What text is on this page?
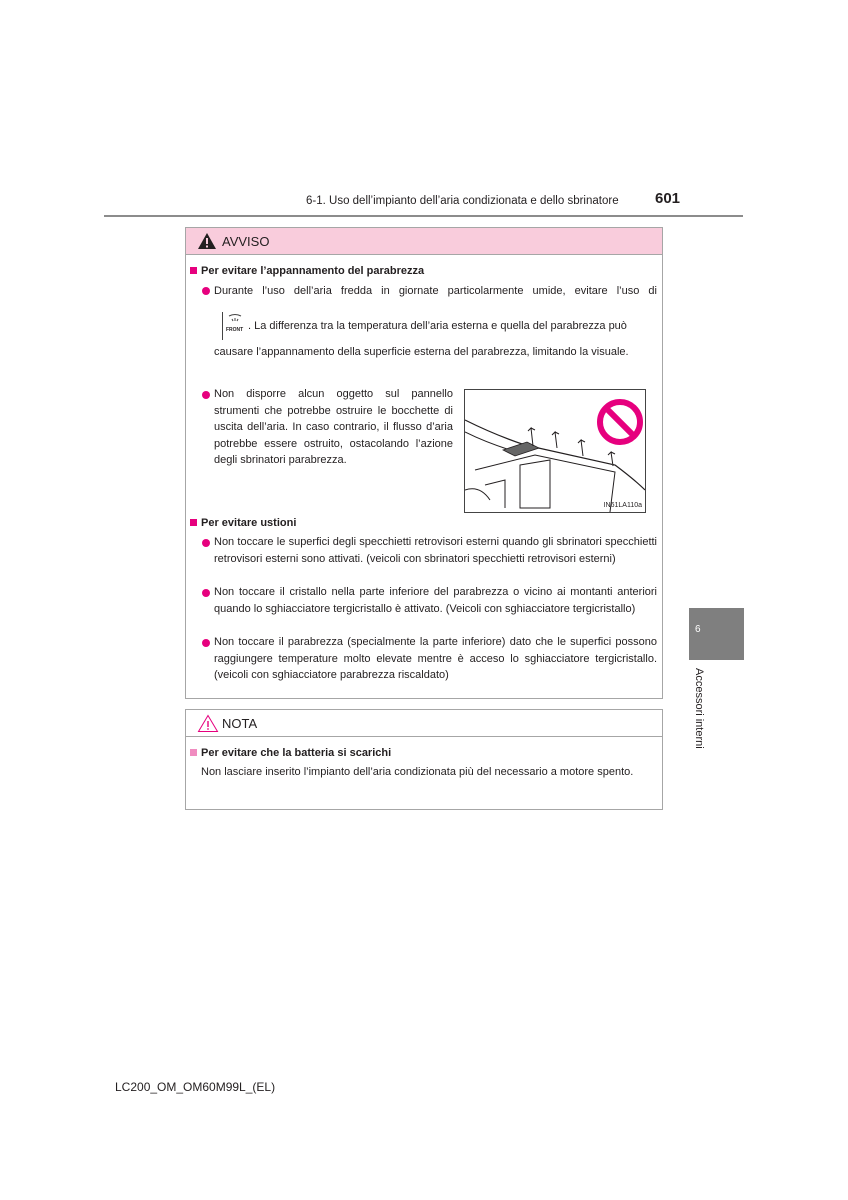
6-1. Uso dell’impianto dell’aria condizionata e dello sbrinatore 601
6
Accessori interni
AVVISO
Per evitare l’appannamento del parabrezza
Durante l’uso dell’aria fredda in giornate particolarmente umide, evitare l’uso di
FRONT . La differenza tra la temperatura dell’aria esterna e quella del parabrezza può
causare l’appannamento della superficie esterna del parabrezza, limitando la visuale.
Non disporre alcun oggetto sul pannello strumenti che potrebbe ostruire le bocchette di uscita dell’aria. In caso contrario, il flusso d’aria potrebbe essere ostruito, ostacolando l’azione degli sbrinatori parabrezza.
IN61LA110a
Per evitare ustioni
Non toccare le superfici degli specchietti retrovisori esterni quando gli sbrinatori specchietti retrovisori esterni sono attivati. (veicoli con sbrinatori specchietti retrovisori esterni)
Non toccare il cristallo nella parte inferiore del parabrezza o vicino ai montanti anteriori quando lo sghiacciatore tergicristallo è attivato. (Veicoli con sghiacciatore tergicristallo)
Non toccare il parabrezza (specialmente la parte inferiore) dato che le superfici possono raggiungere temperature molto elevate mentre è acceso lo sghiacciatore tergicristallo. (veicoli con sghiacciatore parabrezza riscaldato)
NOTA
Per evitare che la batteria si scarichi
Non lasciare inserito l’impianto dell’aria condizionata più del necessario a motore spento.
LC200_OM_OM60M99L_(EL)
